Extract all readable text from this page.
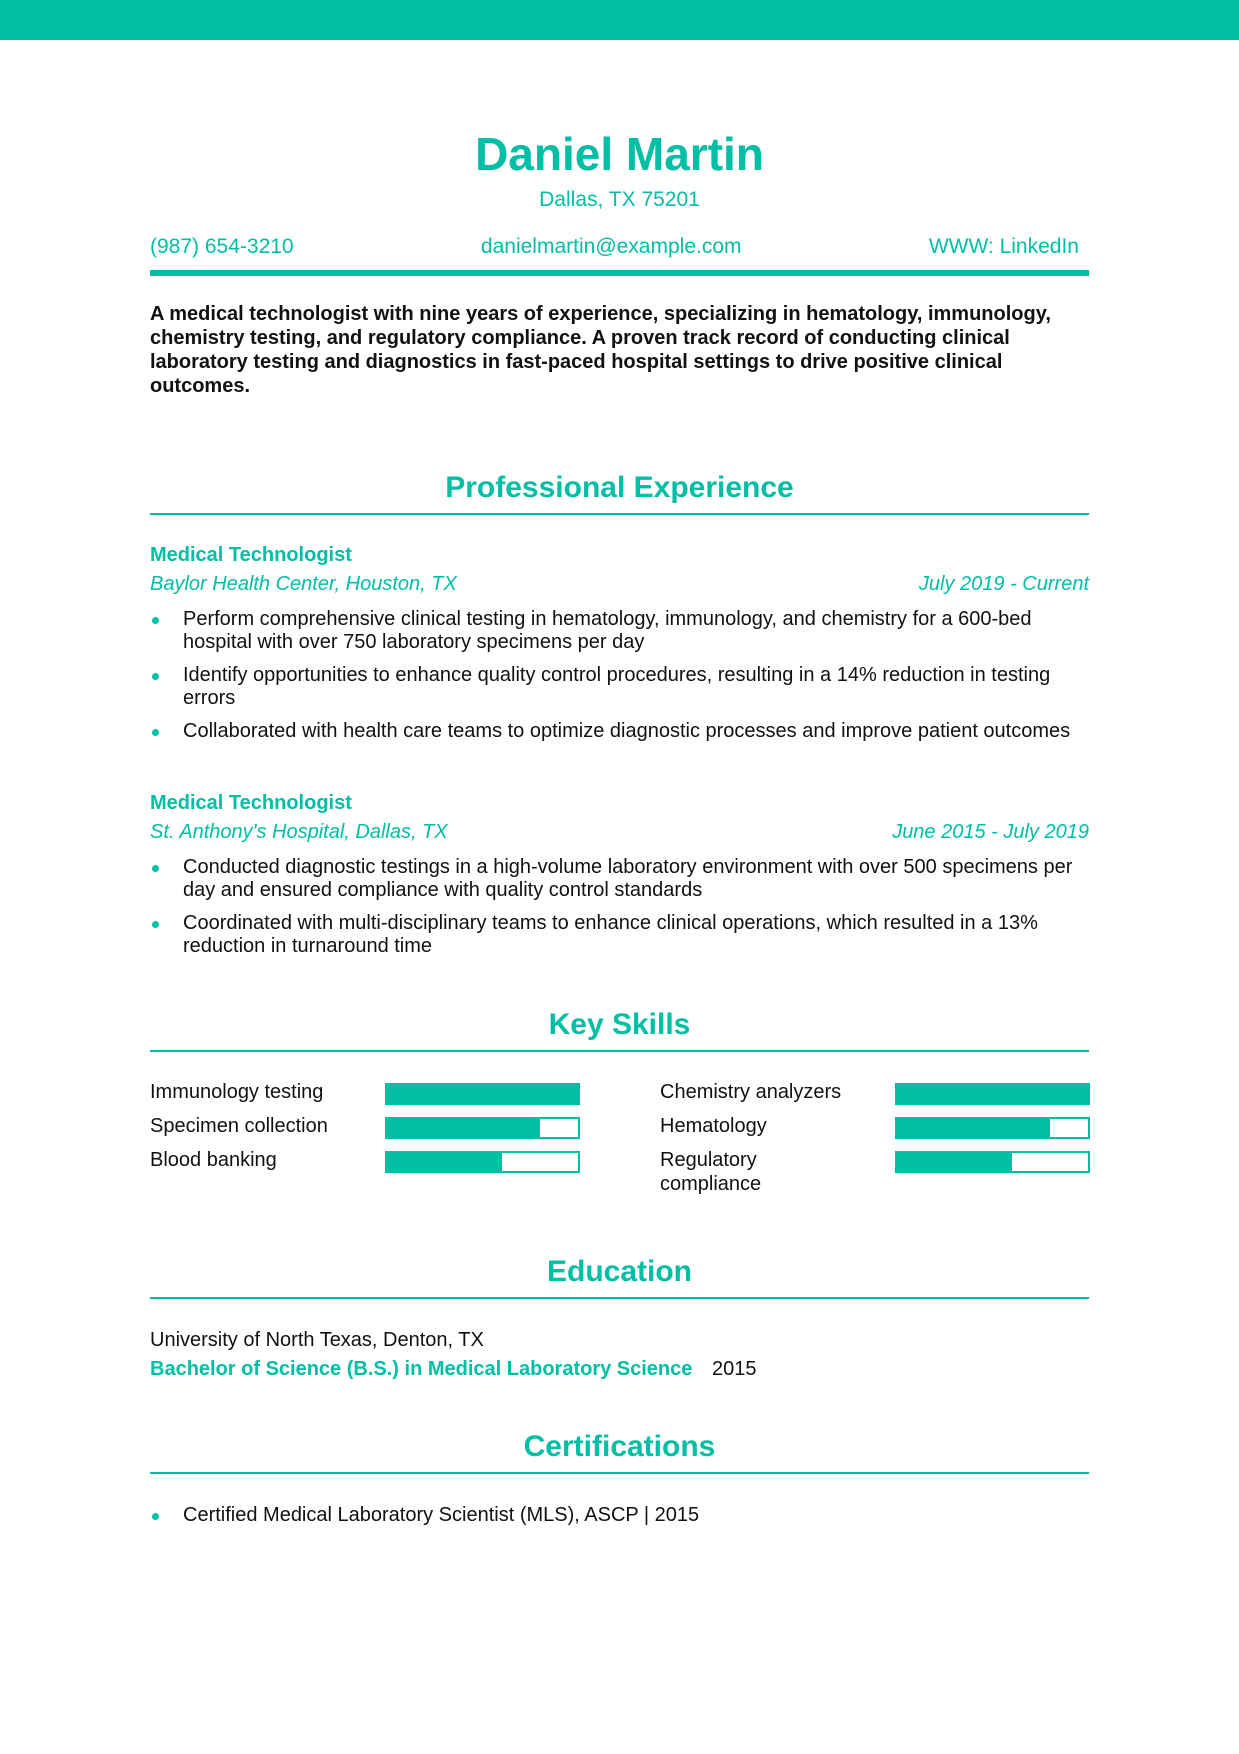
Daniel Martin
Dallas, TX 75201
(987) 654-3210	danielmartin@example.com	WWW: LinkedIn
A medical technologist with nine years of experience, specializing in hematology, immunology, chemistry testing, and regulatory compliance. A proven track record of conducting clinical laboratory testing and diagnostics in fast-paced hospital settings to drive positive clinical outcomes.
Professional Experience
Medical Technologist
Baylor Health Center, Houston, TX	July 2019 - Current
Perform comprehensive clinical testing in hematology, immunology, and chemistry for a 600-bed hospital with over 750 laboratory specimens per day
Identify opportunities to enhance quality control procedures, resulting in a 14% reduction in testing errors
Collaborated with health care teams to optimize diagnostic processes and improve patient outcomes
Medical Technologist
St. Anthony's Hospital, Dallas, TX	June 2015 - July 2019
Conducted diagnostic testings in a high-volume laboratory environment with over 500 specimens per day and ensured compliance with quality control standards
Coordinated with multi-disciplinary teams to enhance clinical operations, which resulted in a 13% reduction in turnaround time
Key Skills
Immunology testing
Specimen collection
Blood banking
Chemistry analyzers
Hematology
Regulatory compliance
Education
University of North Texas, Denton, TX
Bachelor of Science (B.S.) in Medical Laboratory Science 2015
Certifications
Certified Medical Laboratory Scientist (MLS), ASCP | 2015
